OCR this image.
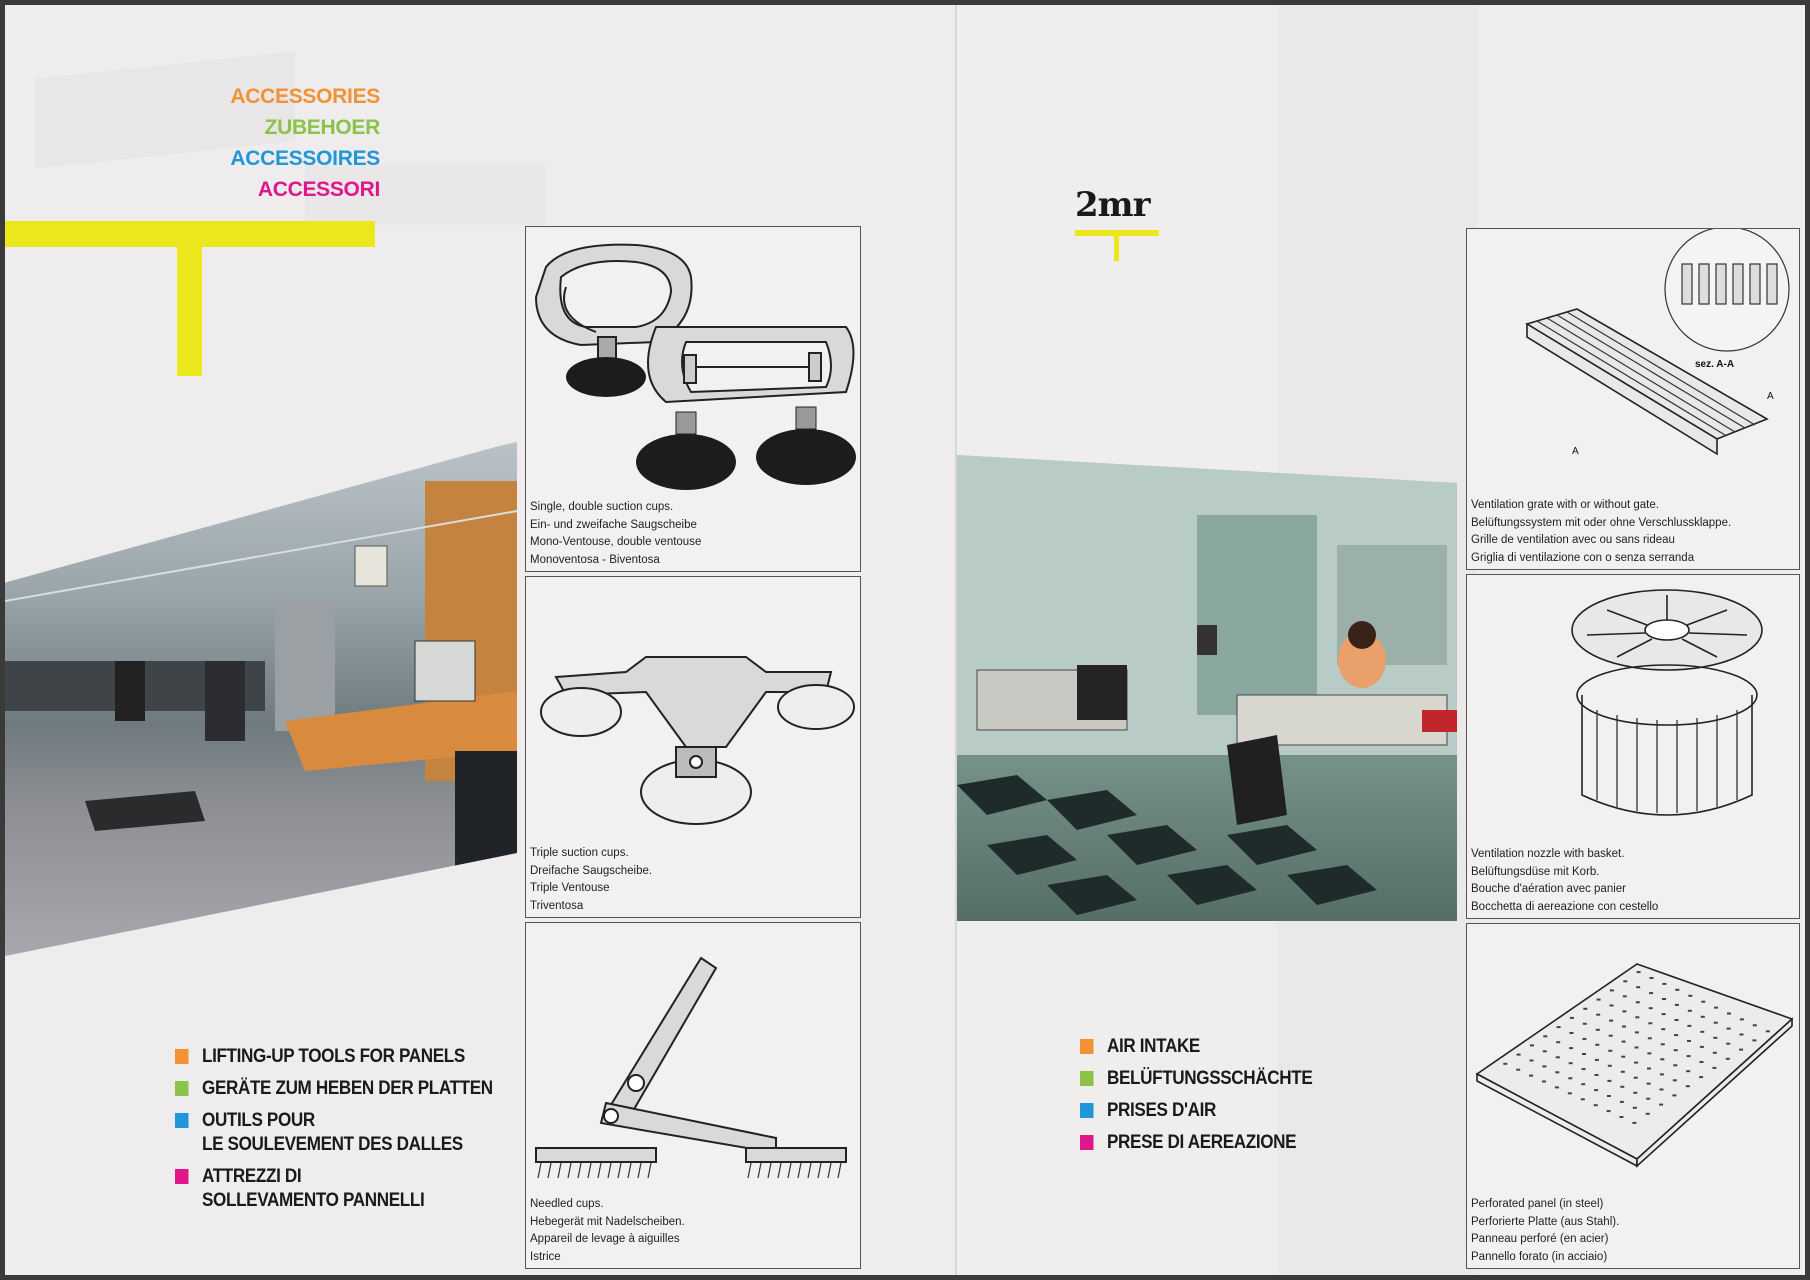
ACCESSORIES
ZUBEHOER
ACCESSOIRES
ACCESSORI
Single, double suction cups.
Ein- und zweifache Saugscheibe
Mono-Ventouse, double ventouse
Monoventosa - Biventosa
Triple suction cups.
Dreifache Saugscheibe.
Triple Ventouse
Triventosa
Needled cups.
Hebegerät mit Nadelscheiben.
Appareil de levage à aiguilles
Istrice
LIFTING-UP TOOLS FOR PANELS
GERÄTE ZUM HEBEN DER PLATTEN
OUTILS POUR
LE SOULEVEMENT DES DALLES
ATTREZZI DI
SOLLEVAMENTO PANNELLI
2mr
sez. A-A
A
A
Ventilation grate with or without gate.
Belüftungssystem mit oder ohne Verschlussklappe.
Grille de ventilation avec ou sans rideau
Griglia di ventilazione con o senza serranda
Ventilation nozzle with basket.
Belüftungsdüse mit Korb.
Bouche d'aération avec panier
Bocchetta di aereazione con cestello
Perforated panel (in steel)
Perforierte Platte (aus Stahl).
Panneau perforé (en acier)
Pannello forato (in acciaio)
AIR INTAKE
BELÜFTUNGSSCHÄCHTE
PRISES D'AIR
PRESE DI AEREAZIONE
